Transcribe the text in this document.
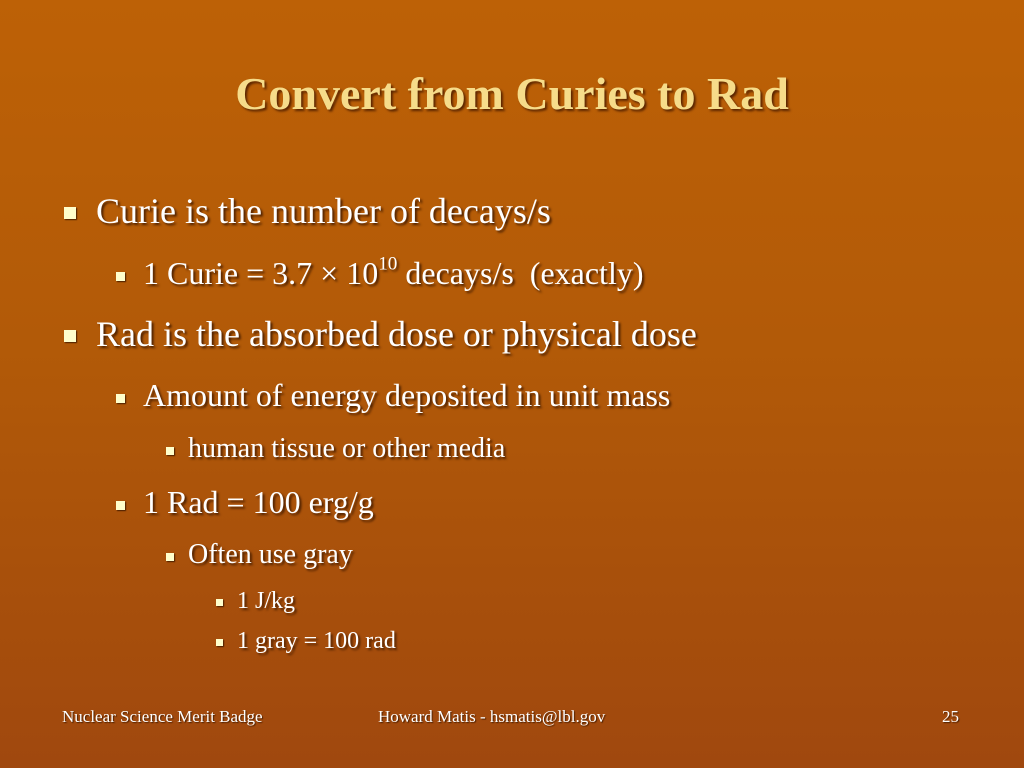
Convert from Curies to Rad
Curie is the number of decays/s
1 Curie = $3.7 \times 10^{10}$ decays/s  (exactly)
Rad is the absorbed dose or physical dose
Amount of energy deposited in unit mass
human tissue or other media
1 Rad = 100 erg/g
Often use gray
1 J/kg
1 gray = 100 rad
Nuclear Science Merit Badge	Howard Matis - hsmatis@lbl.gov	25
